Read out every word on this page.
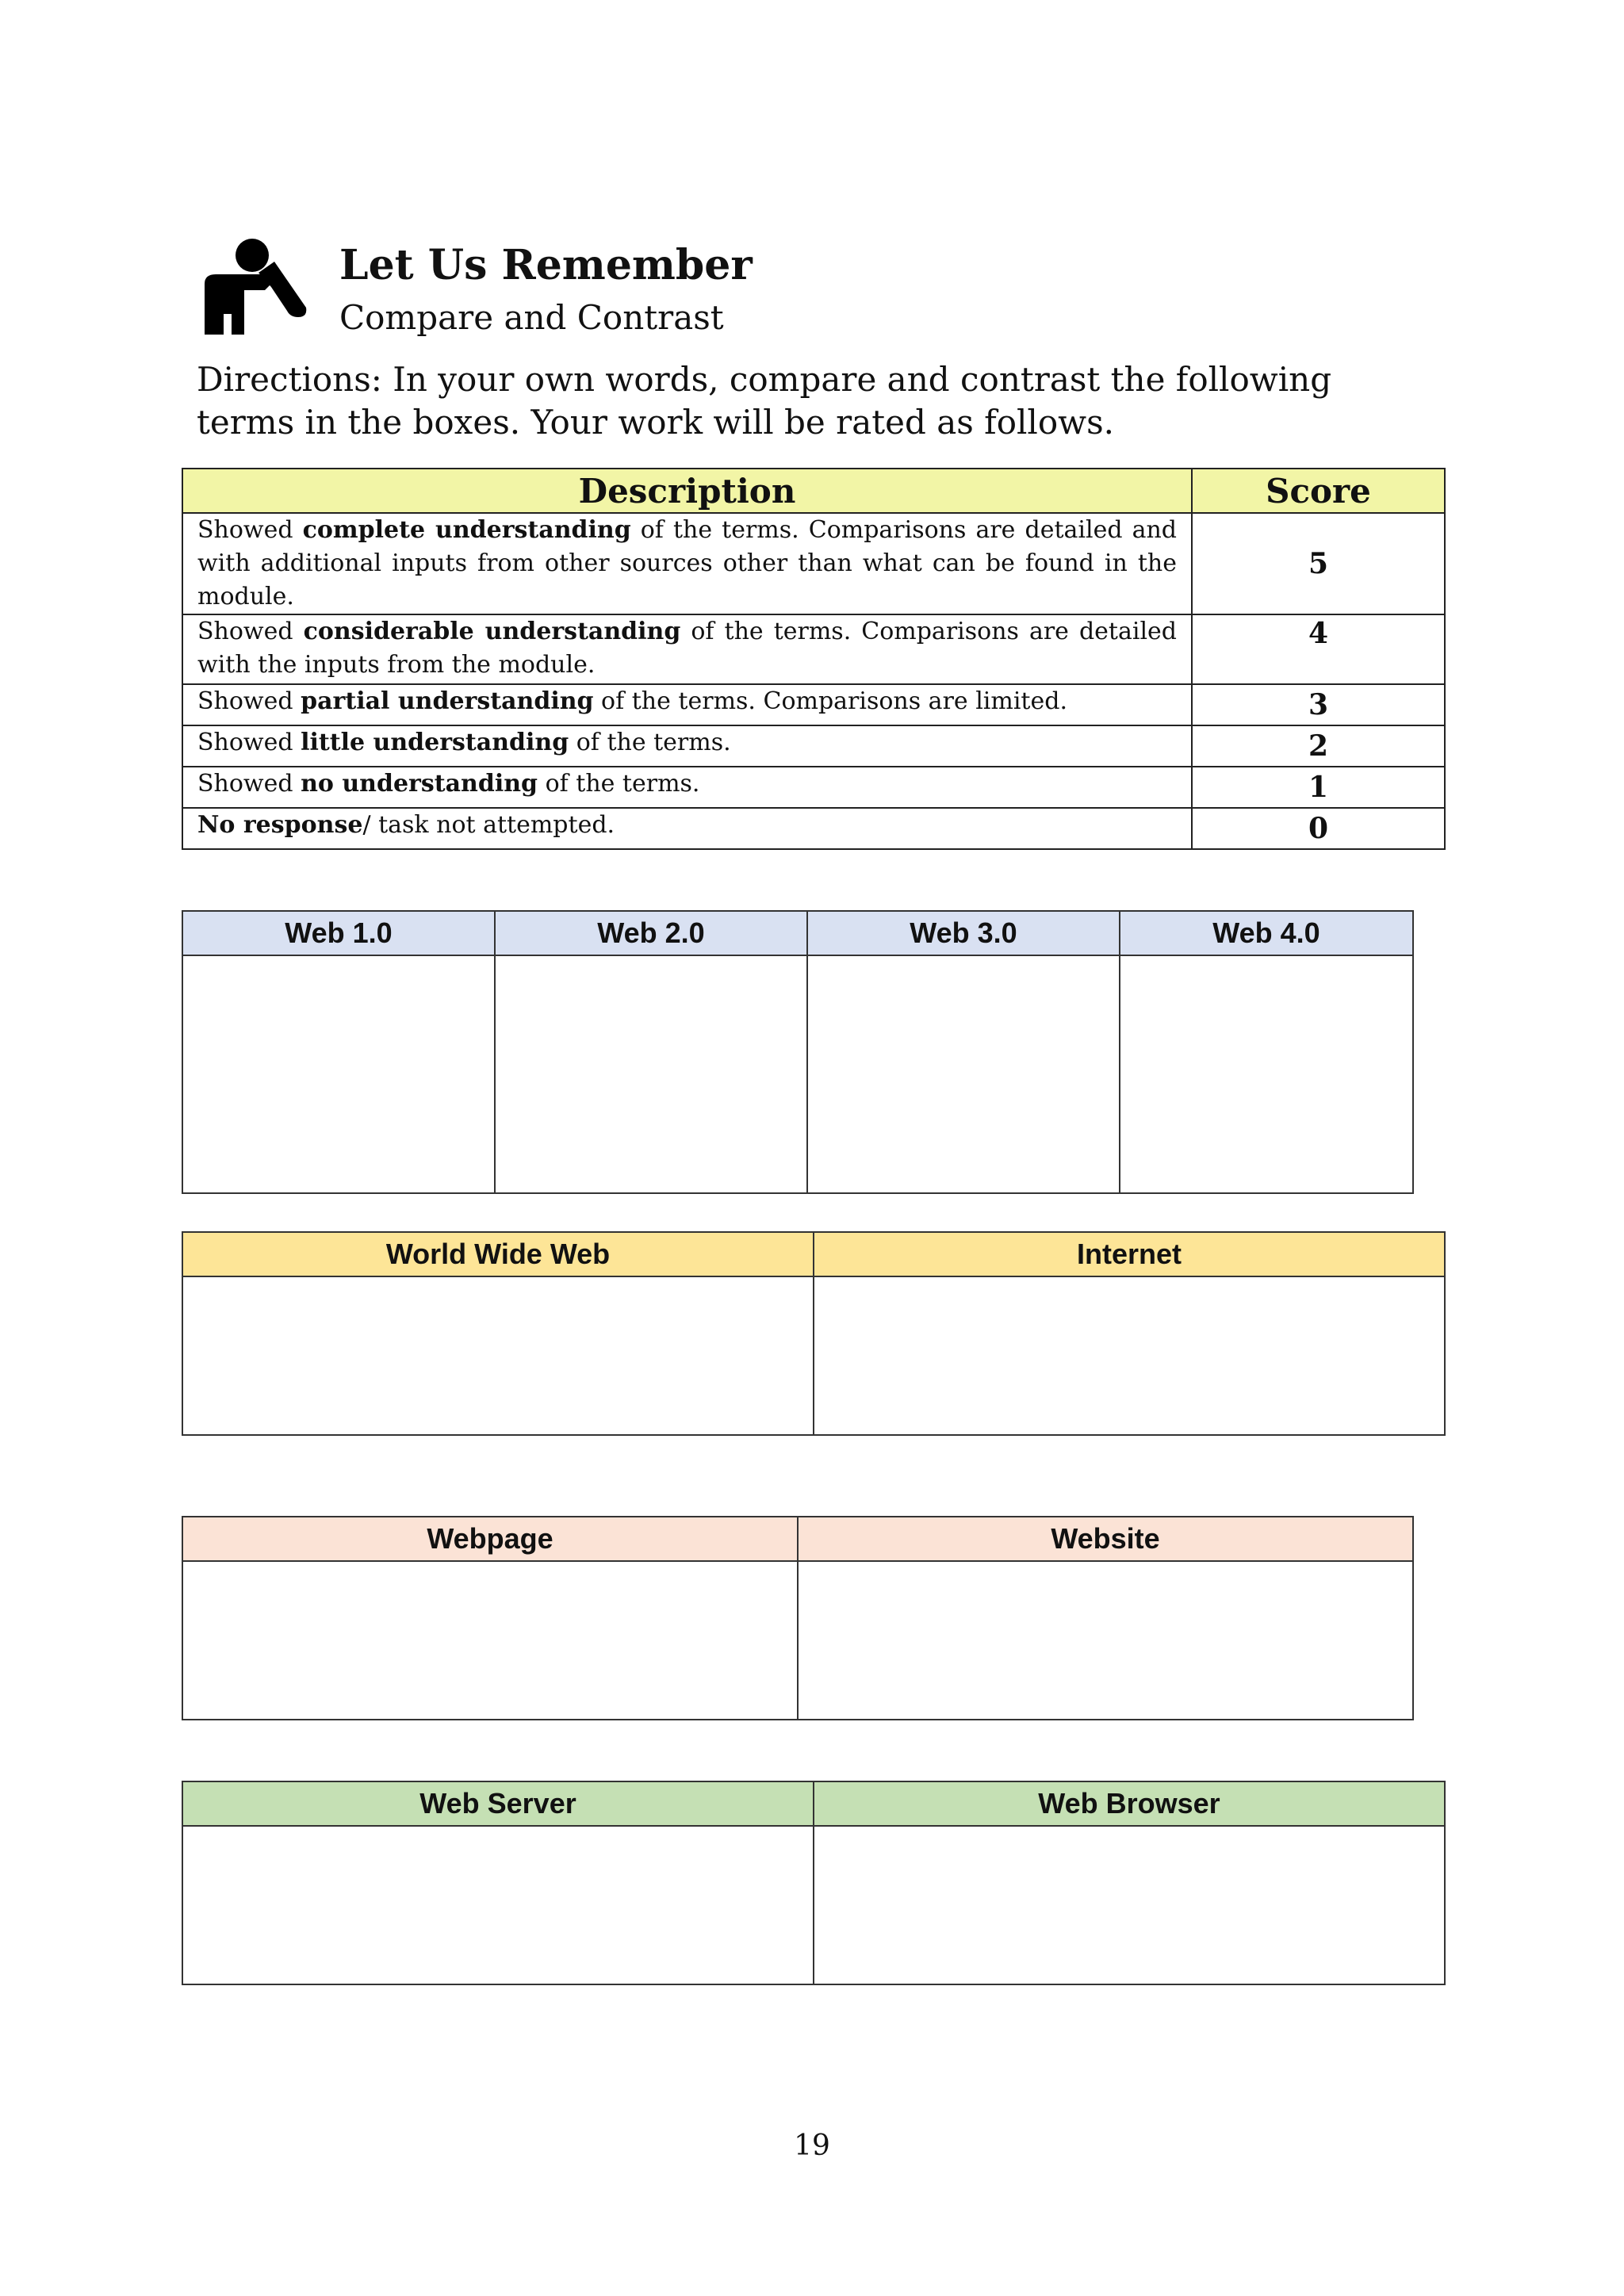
Let Us Remember
Compare and Contrast
Directions: In your own words, compare and contrast the following terms in the boxes. Your work will be rated as follows.
Description	Score
Showed complete understanding of the terms. Comparisons are detailed and with additional inputs from other sources other than what can be found in the module.	5
Showed considerable understanding of the terms. Comparisons are detailed with the inputs from the module.	4
Showed partial understanding of the terms. Comparisons are limited.	3
Showed little understanding of the terms.	2
Showed no understanding of the terms.	1
No response/ task not attempted.	0
Web 1.0	Web 2.0	Web 3.0	Web 4.0

World Wide Web	Internet

Webpage	Website

Web Server	Web Browser

19
